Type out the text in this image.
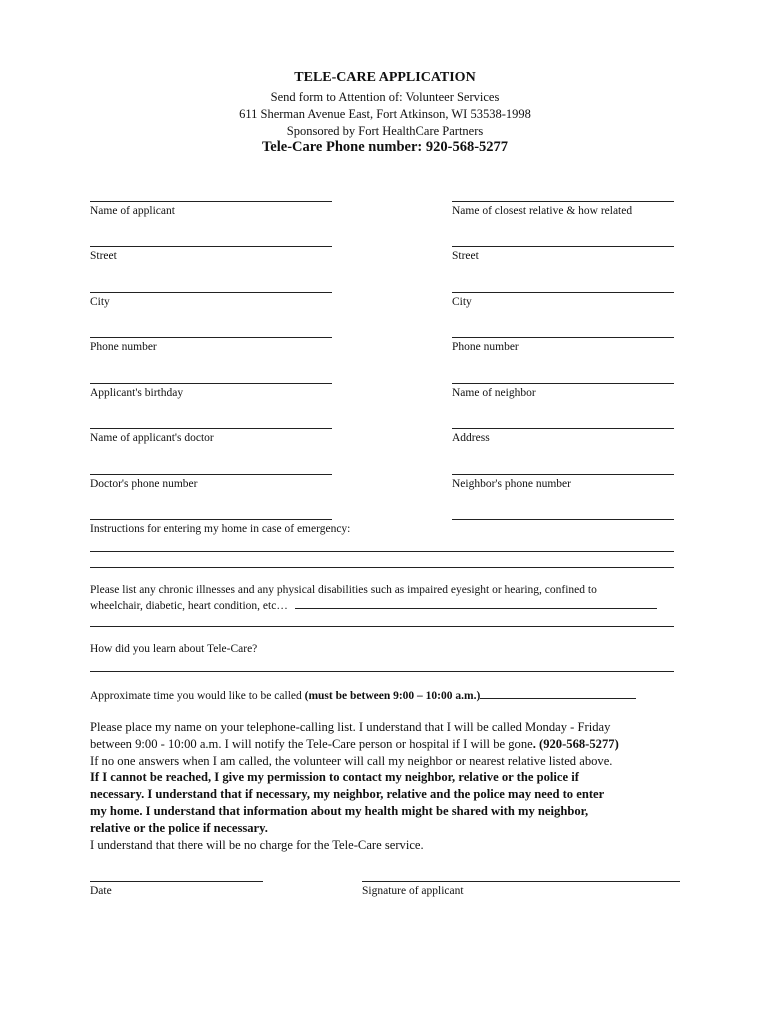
TELE-CARE APPLICATION
Send form to Attention of: Volunteer Services
611 Sherman Avenue East, Fort Atkinson, WI 53538-1998
Sponsored by Fort HealthCare Partners
Tele-Care Phone number: 920-568-5277
Name of applicant
Street
City
Phone number
Applicant's birthday
Name of applicant's doctor
Doctor's phone number
Instructions for entering my home in case of emergency:
Name of closest relative & how related
Street
City
Phone number
Name of neighbor
Address
Neighbor's phone number
Please list any chronic illnesses and any physical disabilities such as impaired eyesight or hearing, confined to
wheelchair, diabetic, heart condition, etc…
How did you learn about Tele-Care?
Approximate time you would like to be called (must be between 9:00 – 10:00 a.m.)
Please place my name on your telephone-calling list. I understand that I will be called Monday - Friday
between 9:00 - 10:00 a.m. I will notify the Tele-Care person or hospital if I will be gone. (920-568-5277)
If no one answers when I am called, the volunteer will call my neighbor or nearest relative listed above.
If I cannot be reached, I give my permission to contact my neighbor, relative or the police if
necessary. I understand that if necessary, my neighbor, relative and the police may need to enter
my home. I understand that information about my health might be shared with my neighbor,
relative or the police if necessary.
I understand that there will be no charge for the Tele-Care service.
Date	Signature of applicant
